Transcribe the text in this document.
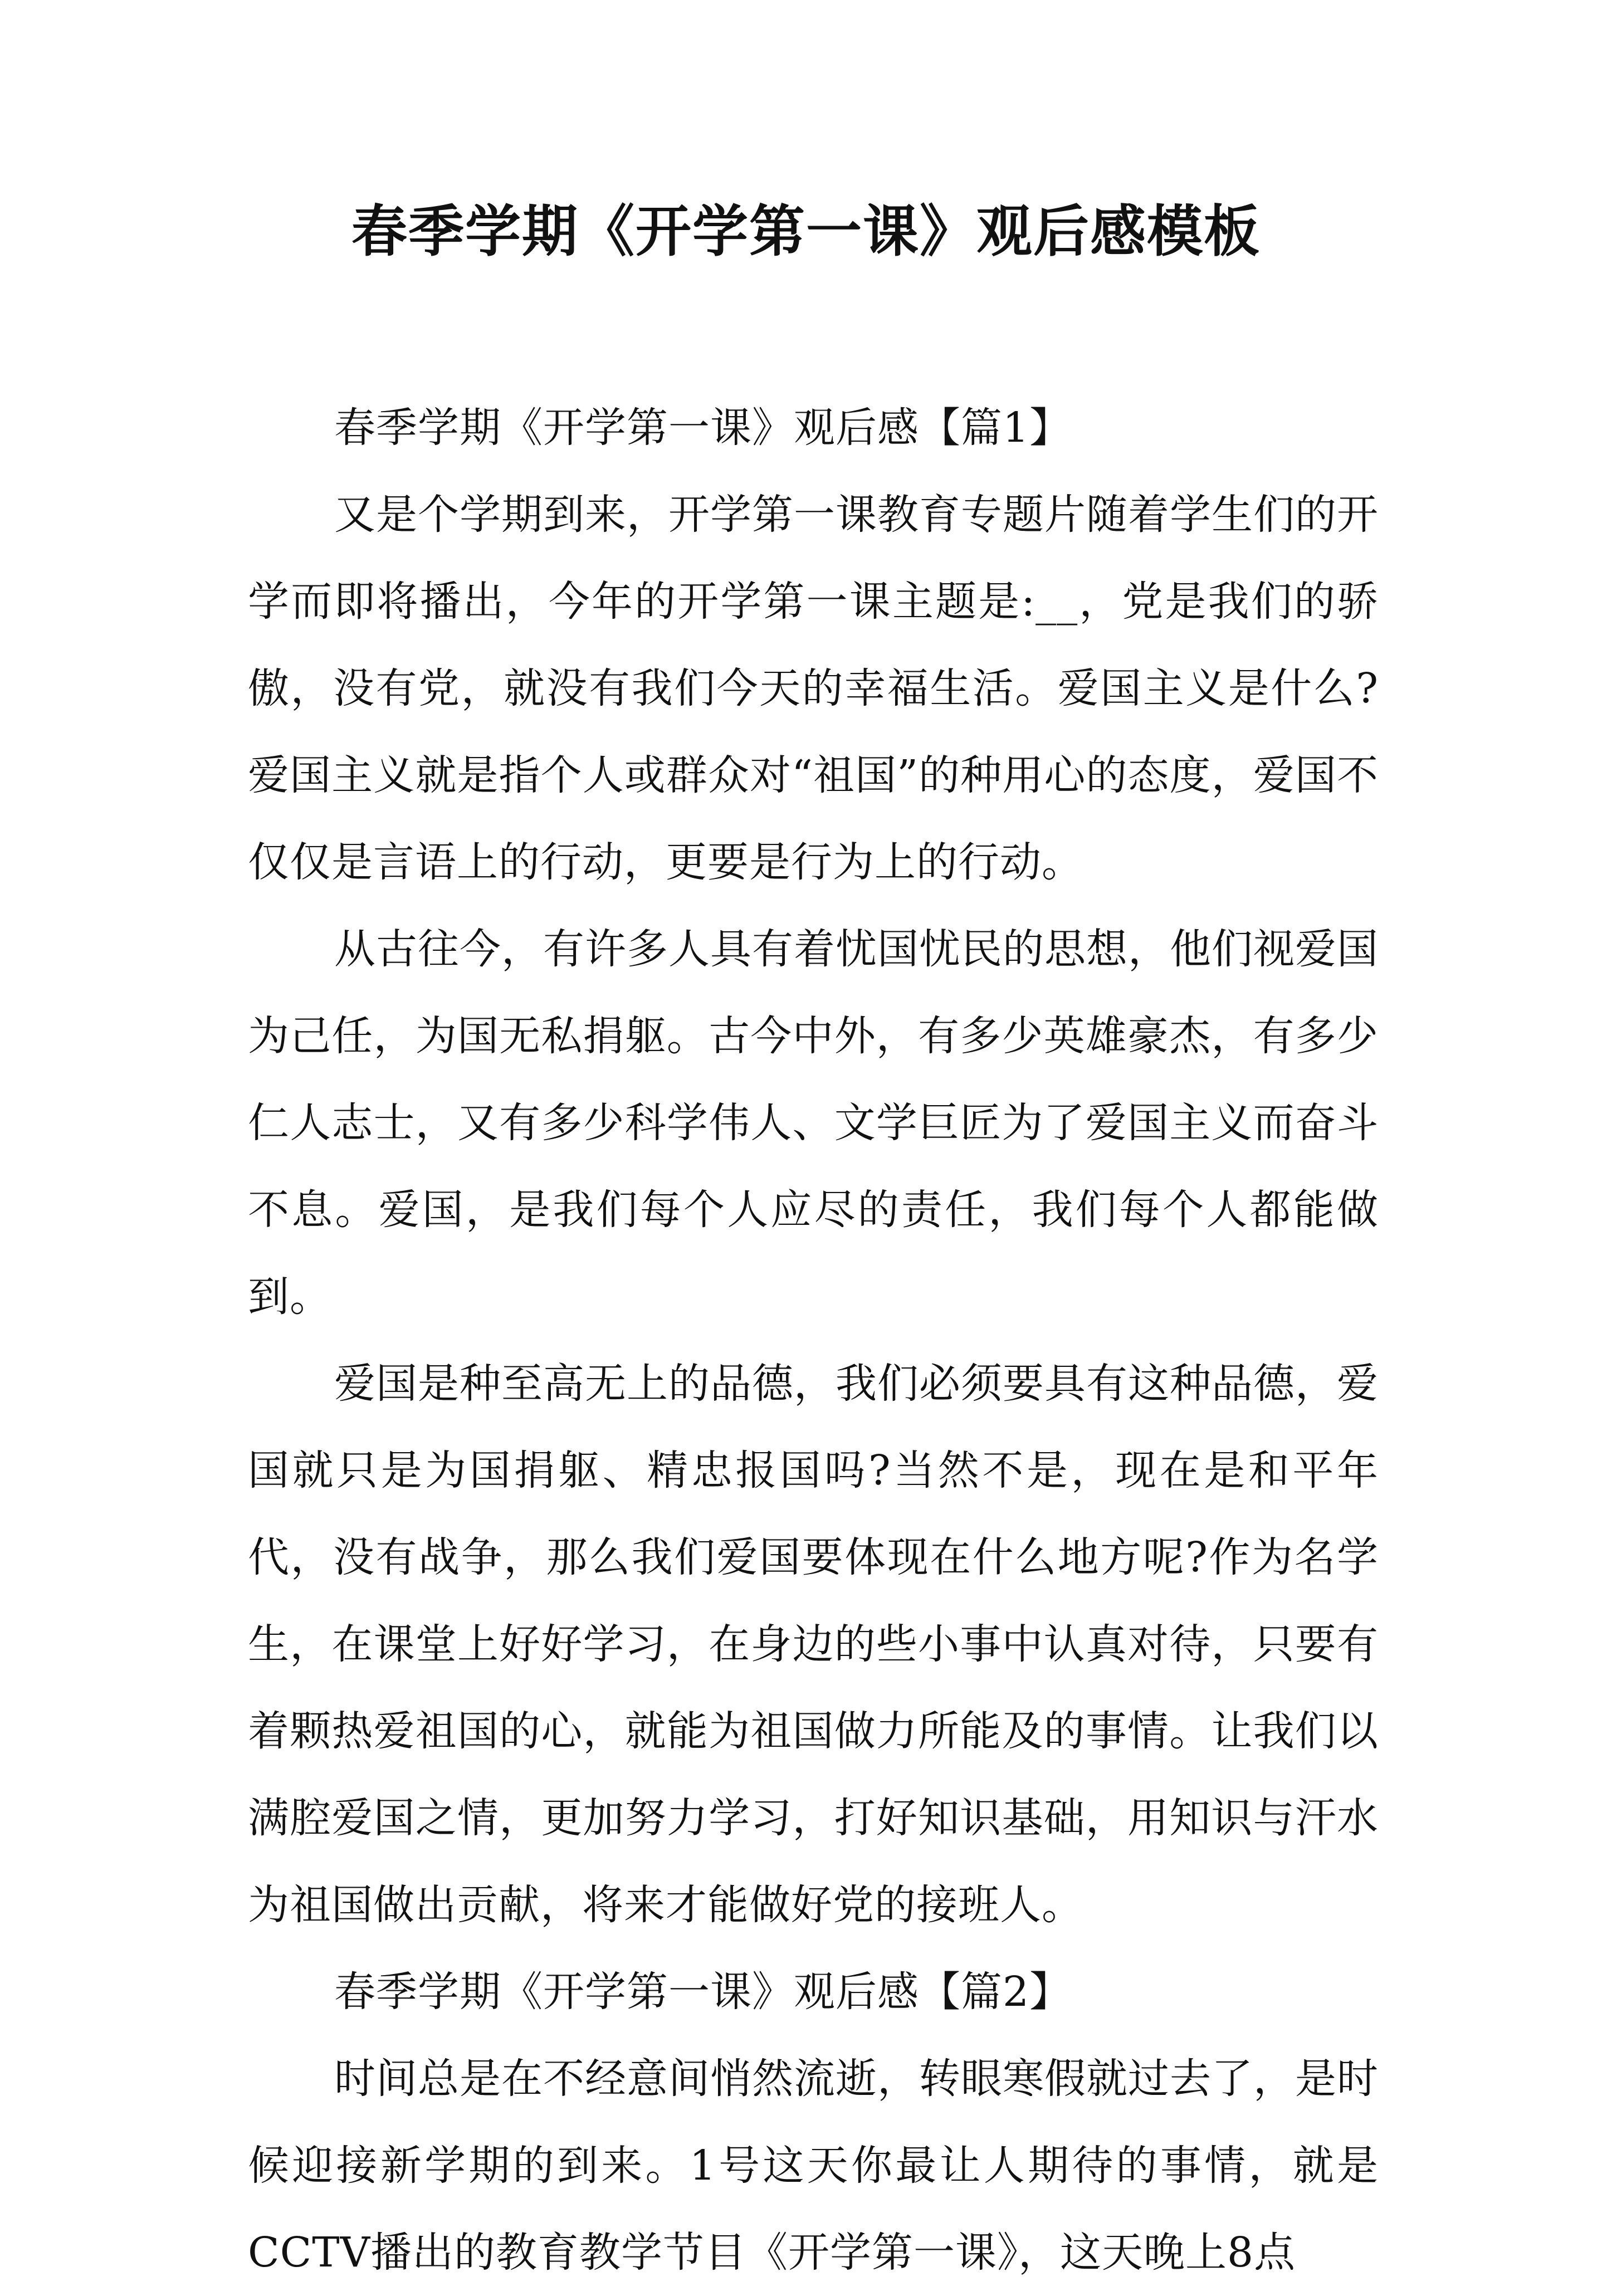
春季学期《开学第一课》观后感模板

春季学期《开学第一课》观后感【篇1】

又是个学期到来，开学第一课教育专题片随着学生们的开学而即将播出，今年的开学第一课主题是:__，党是我们的骄傲，没有党，就没有我们今天的幸福生活。爱国主义是什么?爱国主义就是指个人或群众对“祖国”的种用心的态度，爱国不仅仅是言语上的行动，更要是行为上的行动。

从古往今，有许多人具有着忧国忧民的思想，他们视爱国为己任，为国无私捐躯。古今中外，有多少英雄豪杰，有多少仁人志士，又有多少科学伟人、文学巨匠为了爱国主义而奋斗不息。爱国，是我们每个人应尽的责任，我们每个人都能做到。

爱国是种至高无上的品德，我们必须要具有这种品德，爱国就只是为国捐躯、精忠报国吗?当然不是，现在是和平年代，没有战争，那么我们爱国要体现在什么地方呢?作为名学生，在课堂上好好学习，在身边的些小事中认真对待，只要有着颗热爱祖国的心，就能为祖国做力所能及的事情。让我们以满腔爱国之情，更加努力学习，打好知识基础，用知识与汗水为祖国做出贡献，将来才能做好党的接班人。

春季学期《开学第一课》观后感【篇2】

时间总是在不经意间悄然流逝，转眼寒假就过去了，是时候迎接新学期的到来。1号这天你最让人期待的事情，就是CCTV播出的教育教学节目《开学第一课》，这天晚上8点
